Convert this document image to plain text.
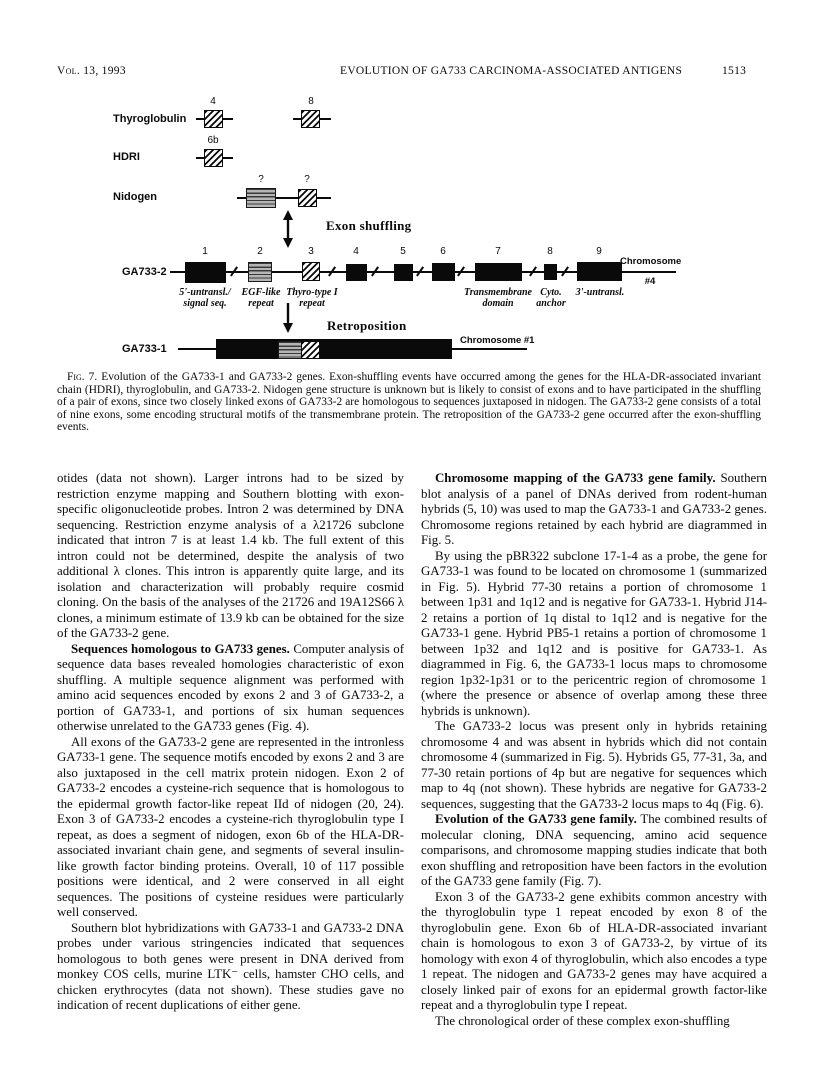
Vol. 13, 1993	EVOLUTION OF GA733 CARCINOMA-ASSOCIATED ANTIGENS	1513
Thyroglobulin
4	8
HDRI
6b
Nidogen
?	?
Exon shuffling
GA733-2
1	2	3	4	5	6	7	8	9
Chromosome
#4
5'-untransl./
signal seq.
EGF-like
repeat
Thyro-type I
repeat
Transmembrane
domain
Cyto.
anchor
3'-untransl.
Retroposition
GA733-1
Chromosome #1

Fig. 7. Evolution of the GA733-1 and GA733-2 genes. Exon-shuffling events have occurred among the genes for the HLA-DR-associated invariant chain (HDRI), thyroglobulin, and GA733-2. Nidogen gene structure is unknown but is likely to consist of exons and to have participated in the shuffling of a pair of exons, since two closely linked exons of GA733-2 are homologous to sequences juxtaposed in nidogen. The GA733-2 gene consists of a total of nine exons, some encoding structural motifs of the transmembrane protein. The retroposition of the GA733-2 gene occurred after the exon-shuffling events.

otides (data not shown). Larger introns had to be sized by restriction enzyme mapping and Southern blotting with exon-specific oligonucleotide probes. Intron 2 was determined by DNA sequencing. Restriction enzyme analysis of a λ21726 subclone indicated that intron 7 is at least 1.4 kb. The full extent of this intron could not be determined, despite the analysis of two additional λ clones. This intron is apparently quite large, and its isolation and characterization will probably require cosmid cloning. On the basis of the analyses of the 21726 and 19A12S66 λ clones, a minimum estimate of 13.9 kb can be obtained for the size of the GA733-2 gene.

Sequences homologous to GA733 genes. Computer analysis of sequence data bases revealed homologies characteristic of exon shuffling. A multiple sequence alignment was performed with amino acid sequences encoded by exons 2 and 3 of GA733-2, a portion of GA733-1, and portions of six human sequences otherwise unrelated to the GA733 genes (Fig. 4).

All exons of the GA733-2 gene are represented in the intronless GA733-1 gene. The sequence motifs encoded by exons 2 and 3 are also juxtaposed in the cell matrix protein nidogen. Exon 2 of GA733-2 encodes a cysteine-rich sequence that is homologous to the epidermal growth factor-like repeat IId of nidogen (20, 24). Exon 3 of GA733-2 encodes a cysteine-rich thyroglobulin type I repeat, as does a segment of nidogen, exon 6b of the HLA-DR-associated invariant chain gene, and segments of several insulin-like growth factor binding proteins. Overall, 10 of 117 possible positions were identical, and 2 were conserved in all eight sequences. The positions of cysteine residues were particularly well conserved.

Southern blot hybridizations with GA733-1 and GA733-2 DNA probes under various stringencies indicated that sequences homologous to both genes were present in DNA derived from monkey COS cells, murine LTK⁻ cells, hamster CHO cells, and chicken erythrocytes (data not shown). These studies gave no indication of recent duplications of either gene.

Chromosome mapping of the GA733 gene family. Southern blot analysis of a panel of DNAs derived from rodent-human hybrids (5, 10) was used to map the GA733-1 and GA733-2 genes. Chromosome regions retained by each hybrid are diagrammed in Fig. 5.

By using the pBR322 subclone 17-1-4 as a probe, the gene for GA733-1 was found to be located on chromosome 1 (summarized in Fig. 5). Hybrid 77-30 retains a portion of chromosome 1 between 1p31 and 1q12 and is negative for GA733-1. Hybrid J14-2 retains a portion of 1q distal to 1q12 and is negative for the GA733-1 gene. Hybrid PB5-1 retains a portion of chromosome 1 between 1p32 and 1q12 and is positive for GA733-1. As diagrammed in Fig. 6, the GA733-1 locus maps to chromosome region 1p32-1p31 or to the pericentric region of chromosome 1 (where the presence or absence of overlap among these three hybrids is unknown).

The GA733-2 locus was present only in hybrids retaining chromosome 4 and was absent in hybrids which did not contain chromosome 4 (summarized in Fig. 5). Hybrids G5, 77-31, 3a, and 77-30 retain portions of 4p but are negative for sequences which map to 4q (not shown). These hybrids are negative for GA733-2 sequences, suggesting that the GA733-2 locus maps to 4q (Fig. 6).

Evolution of the GA733 gene family. The combined results of molecular cloning, DNA sequencing, amino acid sequence comparisons, and chromosome mapping studies indicate that both exon shuffling and retroposition have been factors in the evolution of the GA733 gene family (Fig. 7).

Exon 3 of the GA733-2 gene exhibits common ancestry with the thyroglobulin type 1 repeat encoded by exon 8 of the thyroglobulin gene. Exon 6b of HLA-DR-associated invariant chain is homologous to exon 3 of GA733-2, by virtue of its homology with exon 4 of thyroglobulin, which also encodes a type 1 repeat. The nidogen and GA733-2 genes may have acquired a closely linked pair of exons for an epidermal growth factor-like repeat and a thyroglobulin type I repeat.

The chronological order of these complex exon-shuffling
